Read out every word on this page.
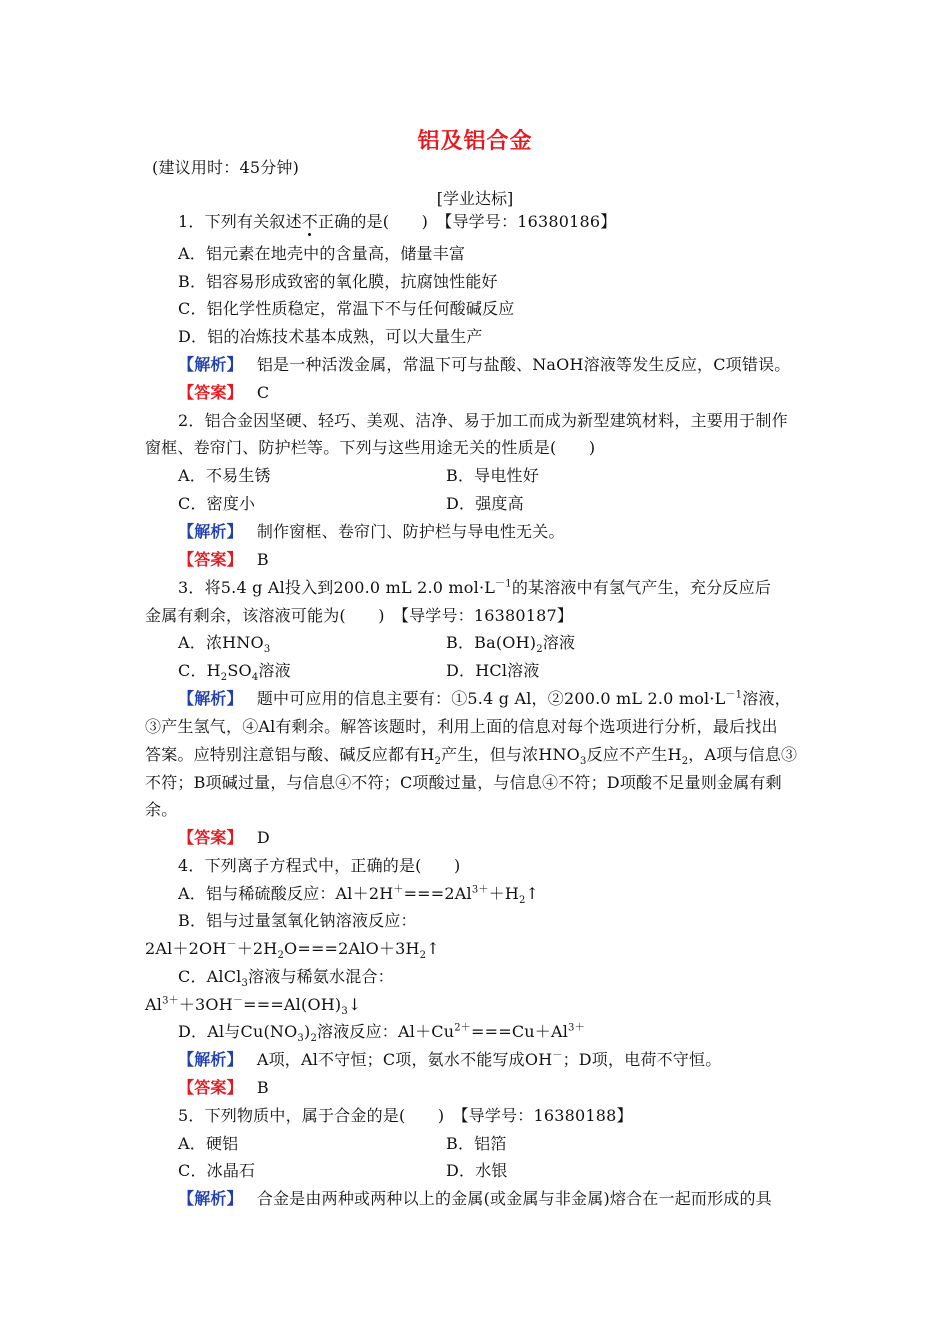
铝及铝合金
(建议用时：45分钟)
[学业达标]
1．下列有关叙述不正确的是(　　)　【导学号：16380186】
A．铝元素在地壳中的含量高，储量丰富
B．铝容易形成致密的氧化膜，抗腐蚀性能好
C．铝化学性质稳定，常温下不与任何酸碱反应
D．铝的冶炼技术基本成熟，可以大量生产
【解析】 铝是一种活泼金属，常温下可与盐酸、NaOH溶液等发生反应，C项错误。
【答案】 C
2．铝合金因坚硬、轻巧、美观、洁净、易于加工而成为新型建筑材料，主要用于制作
窗框、卷帘门、防护栏等。下列与这些用途无关的性质是(　　)
A．不易生锈	B．导电性好
C．密度小	D．强度高
【解析】 制作窗框、卷帘门、防护栏与导电性无关。
【答案】 B
3．将5.4 g Al投入到200.0 mL 2.0 $mol\cdot L^{-1}$的某溶液中有氢气产生，充分反应后
金属有剩余，该溶液可能为(　　)　【导学号：16380187】
A．浓$HNO_3$	B．$Ba(OH)_2$溶液
C．$H_2SO_4$溶液	D．HCl溶液
【解析】 题中可应用的信息主要有：①5.4 g Al，②200.0 mL 2.0 $mol\cdot L^{-1}$溶液，
③产生氢气，④Al有剩余。解答该题时，利用上面的信息对每个选项进行分析，最后找出
答案。应特别注意铝与酸、碱反应都有$H_2$产生，但与浓$HNO_3$反应不产生$H_2$，A项与信息③
不符；B项碱过量，与信息④不符；C项酸过量，与信息④不符；D项酸不足量则金属有剩
余。
【答案】 D
4．下列离子方程式中，正确的是(　　)
A．铝与稀硫酸反应：$Al+2H^+===2Al^{3+}+H_2↑$
B．铝与过量氢氧化钠溶液反应：
$2Al+2OH^-+2H_2O===2AlO+3H_2↑$
C．AlCl$_3$溶液与稀氨水混合：
$Al^{3+}+3OH^-===Al(OH)_3↓$
D．Al与$Cu(NO_3)_2$溶液反应：$Al+Cu^{2+}===Cu+Al^{3+}$
【解析】 A项，Al不守恒；C项，氨水不能写成OH－；D项，电荷不守恒。
【答案】 B
5．下列物质中，属于合金的是(　　)　【导学号：16380188】
A．硬铝	B．铝箔
C．冰晶石	D．水银
【解析】 合金是由两种或两种以上的金属(或金属与非金属)熔合在一起而形成的具
